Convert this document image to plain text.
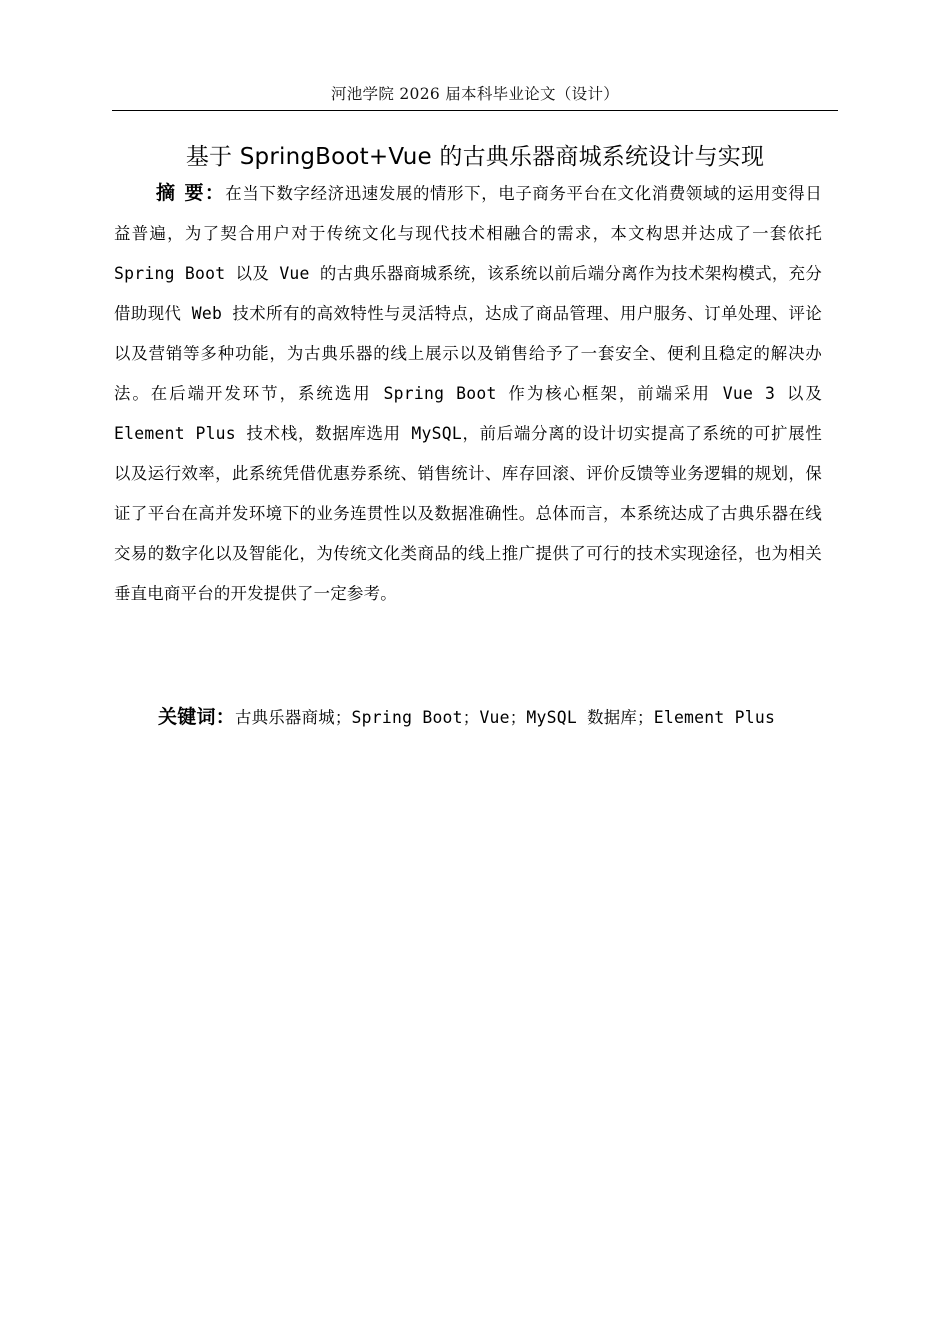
河池学院 2026 届本科毕业论文（设计）
基于 SpringBoot+Vue 的古典乐器商城系统设计与实现
摘 要：在当下数字经济迅速发展的情形下，电子商务平台在文化消费领域的运用变得日益普遍，为了契合用户对于传统文化与现代技术相融合的需求，本文构思并达成了一套依托 Spring Boot 以及 Vue 的古典乐器商城系统，该系统以前后端分离作为技术架构模式，充分借助现代 Web 技术所有的高效特性与灵活特点，达成了商品管理、用户服务、订单处理、评论以及营销等多种功能，为古典乐器的线上展示以及销售给予了一套安全、便利且稳定的解决办法。在后端开发环节，系统选用 Spring Boot 作为核心框架，前端采用 Vue 3 以及 Element Plus 技术栈，数据库选用 MySQL，前后端分离的设计切实提高了系统的可扩展性以及运行效率，此系统凭借优惠券系统、销售统计、库存回滚、评价反馈等业务逻辑的规划，保证了平台在高并发环境下的业务连贯性以及数据准确性。总体而言，本系统达成了古典乐器在线交易的数字化以及智能化，为传统文化类商品的线上推广提供了可行的技术实现途径，也为相关垂直电商平台的开发提供了一定参考。
关键词：古典乐器商城；Spring Boot；Vue；MySQL 数据库；Element Plus
